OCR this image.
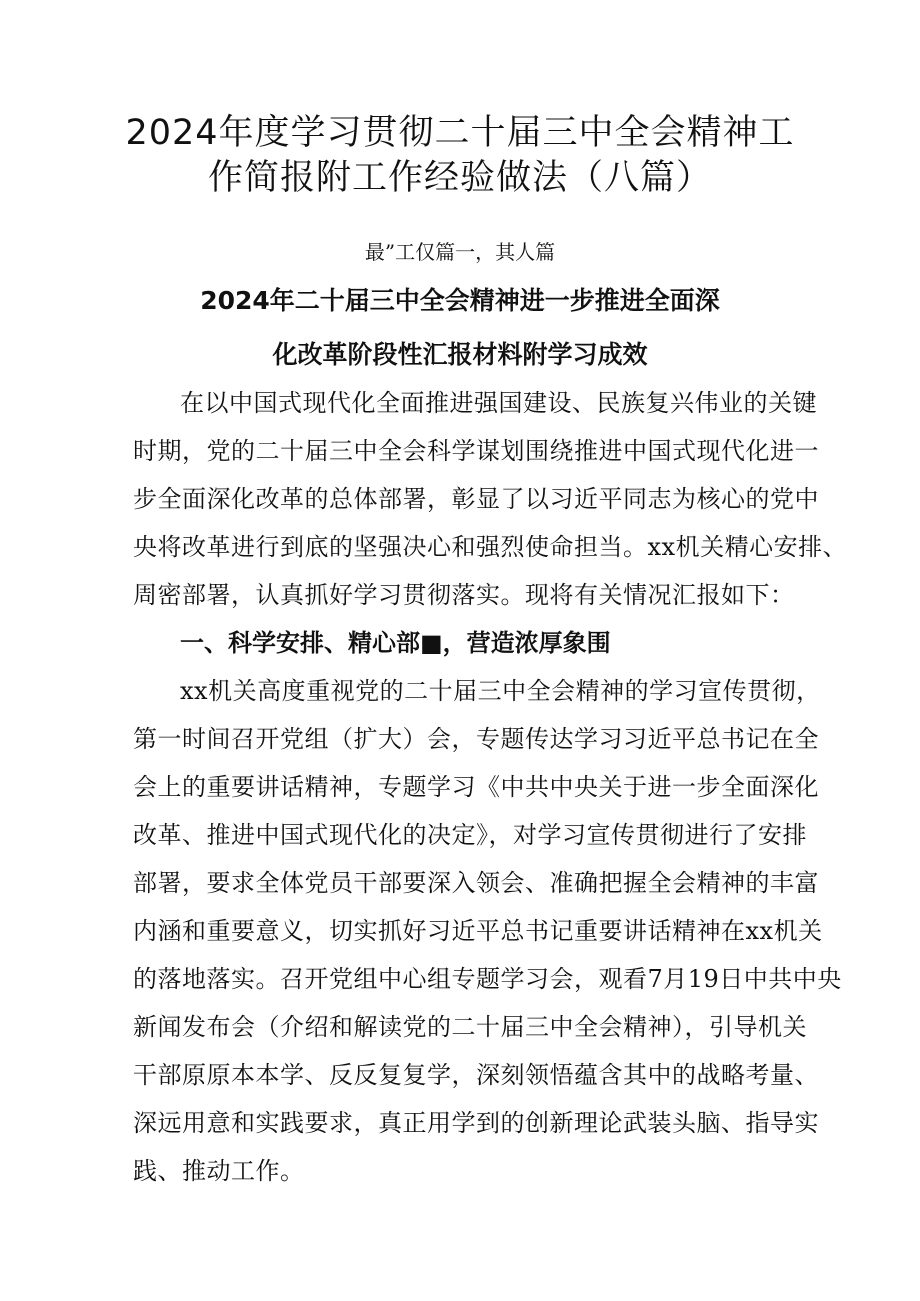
2024年度学习贯彻二十届三中全会精神工
作简报附工作经验做法（八篇）
最”工仅篇一，其人篇
2024年二十届三中全会精神进一步推进全面深
化改革阶段性汇报材料附学习成效
在以中国式现代化全面推进强国建设、民族复兴伟业的关键
时期，党的二十届三中全会科学谋划围绕推进中国式现代化进一
步全面深化改革的总体部署，彰显了以习近平同志为核心的党中
央将改革进行到底的坚强决心和强烈使命担当。xx机关精心安排、
周密部署，认真抓好学习贯彻落实。现将有关情况汇报如下：
一、科学安排、精心部■，营造浓厚象围
xx机关高度重视党的二十届三中全会精神的学习宣传贯彻，
第一时间召开党组（扩大）会，专题传达学习习近平总书记在全
会上的重要讲话精神，专题学习《中共中央关于进一步全面深化
改革、推进中国式现代化的决定》，对学习宣传贯彻进行了安排
部署，要求全体党员干部要深入领会、准确把握全会精神的丰富
内涵和重要意义，切实抓好习近平总书记重要讲话精神在xx机关
的落地落实。召开党组中心组专题学习会，观看7月19日中共中央
新闻发布会（介绍和解读党的二十届三中全会精神），引导机关
干部原原本本学、反反复复学，深刻领悟蕴含其中的战略考量、
深远用意和实践要求，真正用学到的创新理论武装头脑、指导实
践、推动工作。
